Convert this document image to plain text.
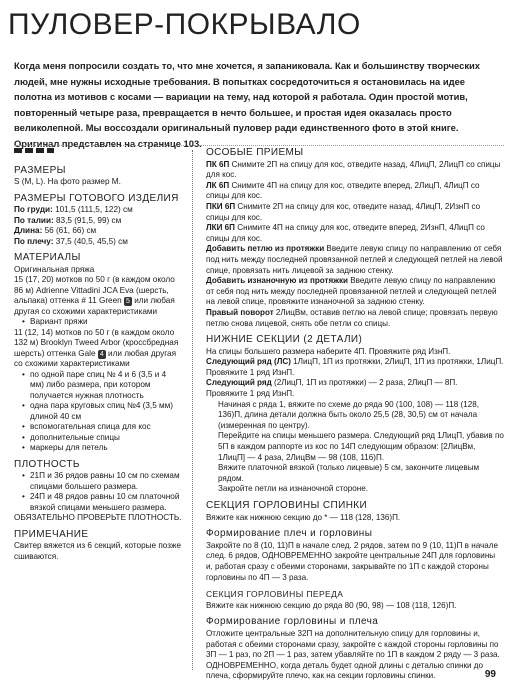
ПУЛОВЕР-ПОКРЫВАЛО

Когда меня попросили создать то, что мне хочется, я запаниковала. Как и большинству творческих людей, мне нужны исходные требования. В попытках сосредоточиться я остановилась на идее полотна из мотивов с косами — вариации на тему, над которой я работала. Один простой мотив, повторенный четыре раза, превращается в нечто большее, и простая идея оказалась просто великолепной. Мы воссоздали оригинальный пуловер ради единственного фото в этой книге. Оригинал представлен на странице 103.

РАЗМЕРЫ

S (M, L). На фото размер M.

РАЗМЕРЫ ГОТОВОГО ИЗДЕЛИЯ

По груди: 101,5 (111,5, 122) см

По талии: 83,5 (91,5, 99) см

Длина: 56 (61, 66) см

По плечу: 37,5 (40,5, 45,5) см

МАТЕРИАЛЫ

Оригинальная пряжа

15 (17, 20) мотков по 50 г (в каждом около 86 м) Adrienne Vittadini JCA Eva (шерсть, альпака) оттенка # 11 Green 5 или любая другая со схожими характеристиками

• Вариант пряжи

11 (12, 14) мотков по 50 г (в каждом около 132 м) Brooklyn Tweed Arbor (кросcбредная шерсть) оттенка Gale 4 или любая другая со схожими характеристиками

• по одной паре спиц № 4 и 6 (3,5 и 4 мм) либо размера, при котором получается нужная плотность
• одна пара круговых спиц №4 (3,5 мм) длиной 40 см
• вспомогательная спица для кос
• дополнительные спицы
• маркеры для петель
ПЛОТНОСТЬ
• 21П и 36 рядов равны 10 см по схемам спицами большего размера.
• 24П и 48 рядов равны 10 см платочной вязкой спицами меньшего размера.

ОБЯЗАТЕЛЬНО ПРОВЕРЬТЕ ПЛОТНОСТЬ.

ПРИМЕЧАНИЕ

Свитер вяжется из 6 секций, которые позже сшиваются.

ОСОБЫЕ ПРИЕМЫ

ПК 6П Снимите 2П на спицу для кос, отведите назад, 4ЛицП, 2ЛицП со спицы для кос.

ЛК 6П Снимите 4П на спицу для кос, отведите вперед, 2ЛицП, 4ЛицП со спицы для кос.

ПКИ 6П Снимите 2П на спицу для кос, отведите назад, 4ЛицП, 2ИзнП со спицы для кос.

ЛКИ 6П Снимите 4П на спицу для кос, отведите вперед, 2ИзнП, 4ЛицП со спицы для кос.

Добавить петлю из протяжки Введите левую спицу по направлению от себя под нить между последней провязанной петлей и следующей петлей на левой спице, провязать нить лицевой за заднюю стенку.

Добавить изнаночную из протяжки Введите левую спицу по направлению от себя под нить между последней провязанной петлей и следующей петлей на левой спице, провяжите изнаночной за заднюю стенку.

Правый поворот 2ЛицВм, оставив петлю на левой спице; провязать первую петлю снова лицевой, снять обе петли со спицы.

НИЖНИЕ СЕКЦИИ (2 ДЕТАЛИ)

На спицы большего размера наберите 4П. Провяжите ряд ИзнП.

Следующий ряд (ЛС) 1ЛицП, 1П из протяжки, 2ЛицП, 1П из протяжки, 1ЛицП.

Провяжите 1 ряд ИзнП.

Следующий ряд (2ЛицП, 1П из протяжки) — 2 раза, 2ЛицП — 8П.

Провяжите 1 ряд ИзнП.

Начиная с ряда 1, вяжите по схеме до ряда 90 (100, 108) — 118 (128, 136)П, длина детали должна быть около 25,5 (28, 30,5) см от начала (измеренная по центру).

Перейдите на спицы меньшего размера. Следующий ряд 1ЛицП, убавив по 5П в каждом раппорте из кос по 14П следующим образом: [2ЛицВм, 1ЛицП] — 4 раза, 2ЛицВм — 98 (108, 116)П.

Вяжите платочной вязкой (только лицевые) 5 см, закончите лицевым рядом.

Закройте петли на изнаночной стороне.

СЕКЦИЯ ГОРЛОВИНЫ СПИНКИ

Вяжите как нижнюю секцию до * — 118 (128, 136)П.

Формирование плеч и горловины

Закройте по 8 (10, 11)П в начале след. 2 рядов, затем по 9 (10, 11)П в начале след. 6 рядов, ОДНОВРЕМЕННО закройте центральные 24П для горловины и, работая сразу с обеими сторонами, закрывайте по 1П с каждой стороны горловины по 4П — 3 раза.

СЕКЦИЯ ГОРЛОВИНЫ ПЕРЕДА

Вяжите как нижнюю секцию до ряда 80 (90, 98) — 108 (118, 126)П.

Формирование горловины и плеча

Отложите центральные 32П на дополнительную спицу для горловины и, работая с обеими сторонами сразу, закройте с каждой стороны горловины по 3П — 1 раз, по 2П — 1 раз, затем убавляйте по 1П в каждом 2 ряду — 3 раза. ОДНОВРЕМЕННО, когда деталь будет одной длины с деталью спинки до плеча, сформируйте плечо, как на секции горловины спинки.	99
